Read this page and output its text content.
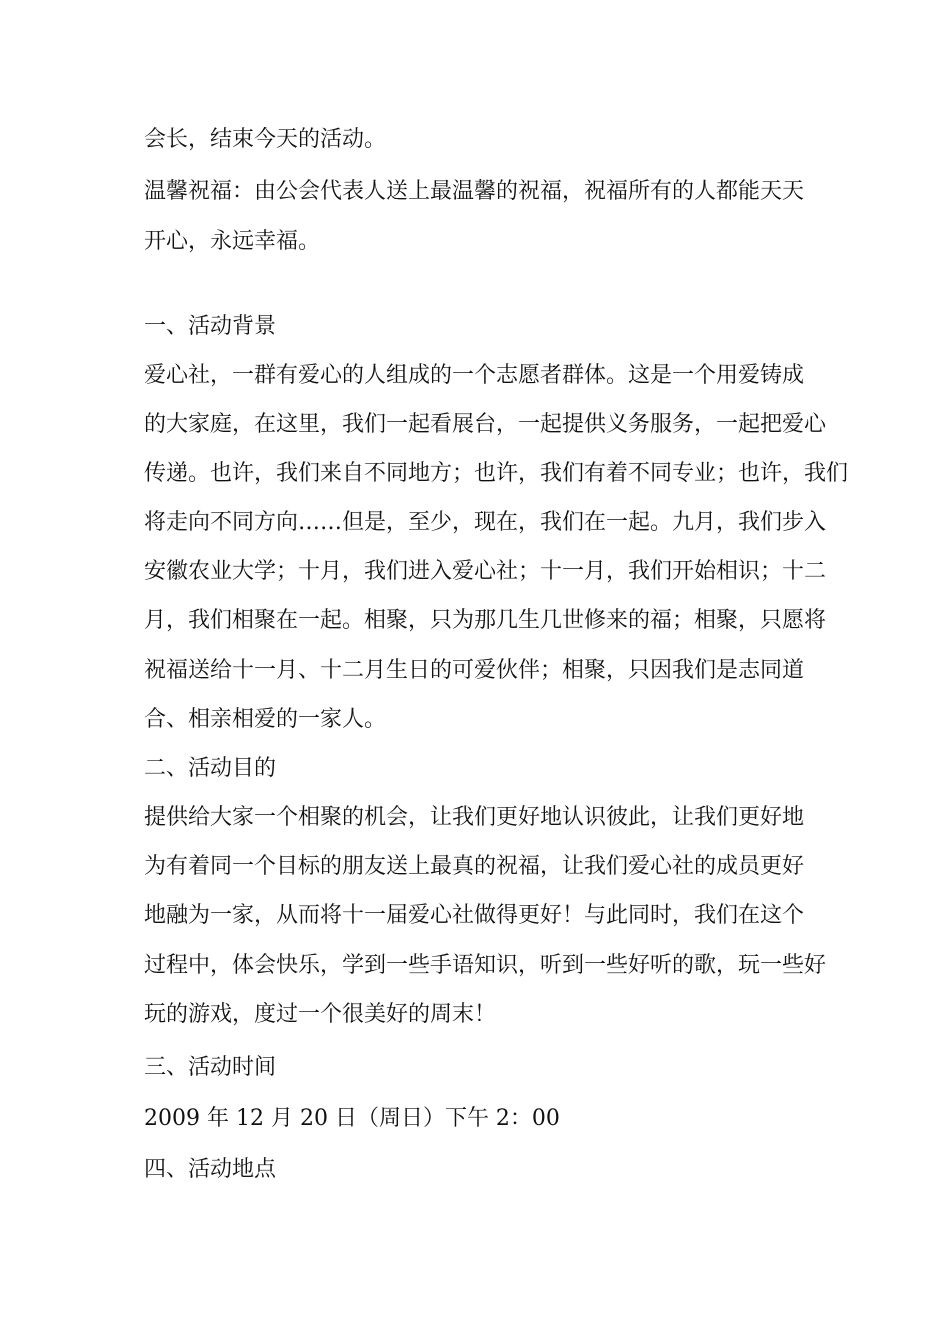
会长，结束今天的活动。

温馨祝福：由公会代表人送上最温馨的祝福，祝福所有的人都能天天

开心，永远幸福。

一、活动背景

爱心社，一群有爱心的人组成的一个志愿者群体。这是一个用爱铸成

的大家庭，在这里，我们一起看展台，一起提供义务服务，一起把爱心

传递。也许，我们来自不同地方；也许，我们有着不同专业；也许，我们

将走向不同方向……但是，至少，现在，我们在一起。九月，我们步入

安徽农业大学；十月，我们进入爱心社；十一月，我们开始相识；十二

月，我们相聚在一起。相聚，只为那几生几世修来的福；相聚，只愿将

祝福送给十一月、十二月生日的可爱伙伴；相聚，只因我们是志同道

合、相亲相爱的一家人。

二、活动目的

提供给大家一个相聚的机会，让我们更好地认识彼此，让我们更好地

为有着同一个目标的朋友送上最真的祝福，让我们爱心社的成员更好

地融为一家，从而将十一届爱心社做得更好！与此同时，我们在这个

过程中，体会快乐，学到一些手语知识，听到一些好听的歌，玩一些好

玩的游戏，度过一个很美好的周末！

三、活动时间

2009 年 12 月 20 日（周日）下午 2：00

四、活动地点
